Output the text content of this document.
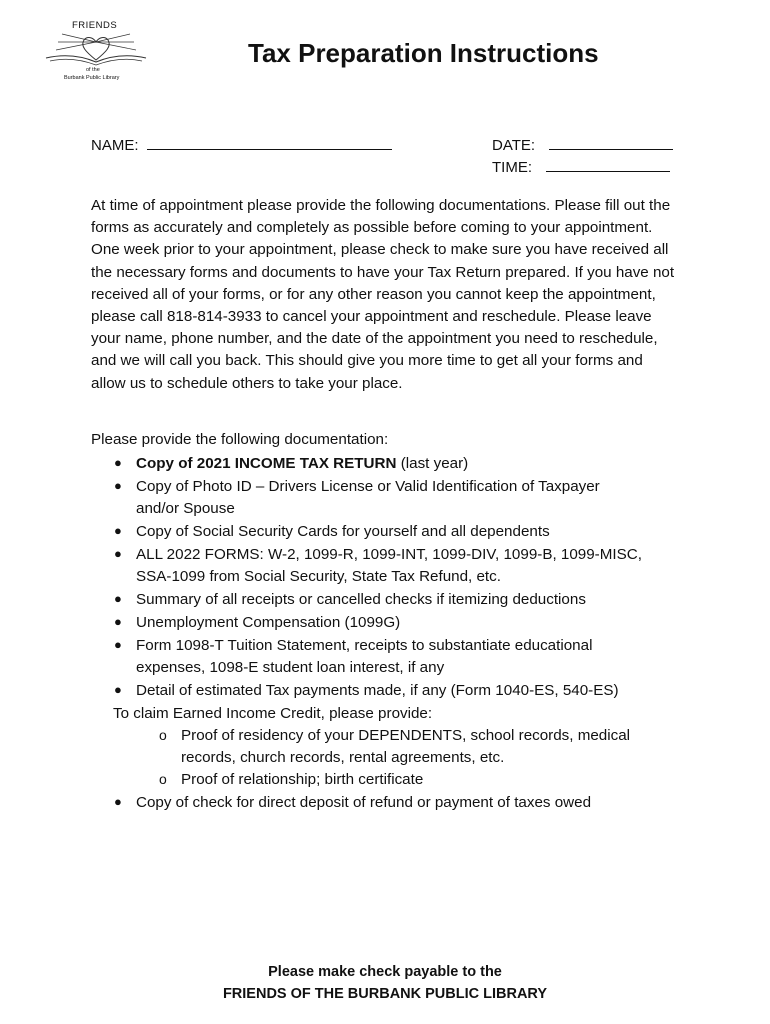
FRIENDS
of the
Burbank Public Library
Tax Preparation Instructions
NAME:	DATE:
TIME:

At time of appointment please provide the following documentations. Please fill out the forms as accurately and completely as possible before coming to your appointment. One week prior to your appointment, please check to make sure you have received all the necessary forms and documents to have your Tax Return prepared. If you have not received all of your forms, or for any other reason you cannot keep the appointment, please call 818-814-3933 to cancel your appointment and reschedule. Please leave your name, phone number, and the date of the appointment you need to reschedule, and we will call you back. This should give you more time to get all your forms and allow us to schedule others to take your place.

Please provide the following documentation:
● Copy of 2021 INCOME TAX RETURN (last year)
● Copy of Photo ID – Drivers License or Valid Identification of Taxpayer
and/or Spouse
● Copy of Social Security Cards for yourself and all dependents
● ALL 2022 FORMS: W-2, 1099-R, 1099-INT, 1099-DIV, 1099-B, 1099-MISC,
SSA-1099 from Social Security, State Tax Refund, etc.
● Summary of all receipts or cancelled checks if itemizing deductions
● Unemployment Compensation (1099G)
● Form 1098-T Tuition Statement, receipts to substantiate educational
expenses, 1098-E student loan interest, if any
● Detail of estimated Tax payments made, if any (Form 1040-ES, 540-ES)
To claim Earned Income Credit, please provide:
o Proof of residency of your DEPENDENTS, school records, medical
records, church records, rental agreements, etc.
o Proof of relationship; birth certificate
● Copy of check for direct deposit of refund or payment of taxes owed
Please make check payable to the
FRIENDS OF THE BURBANK PUBLIC LIBRARY
